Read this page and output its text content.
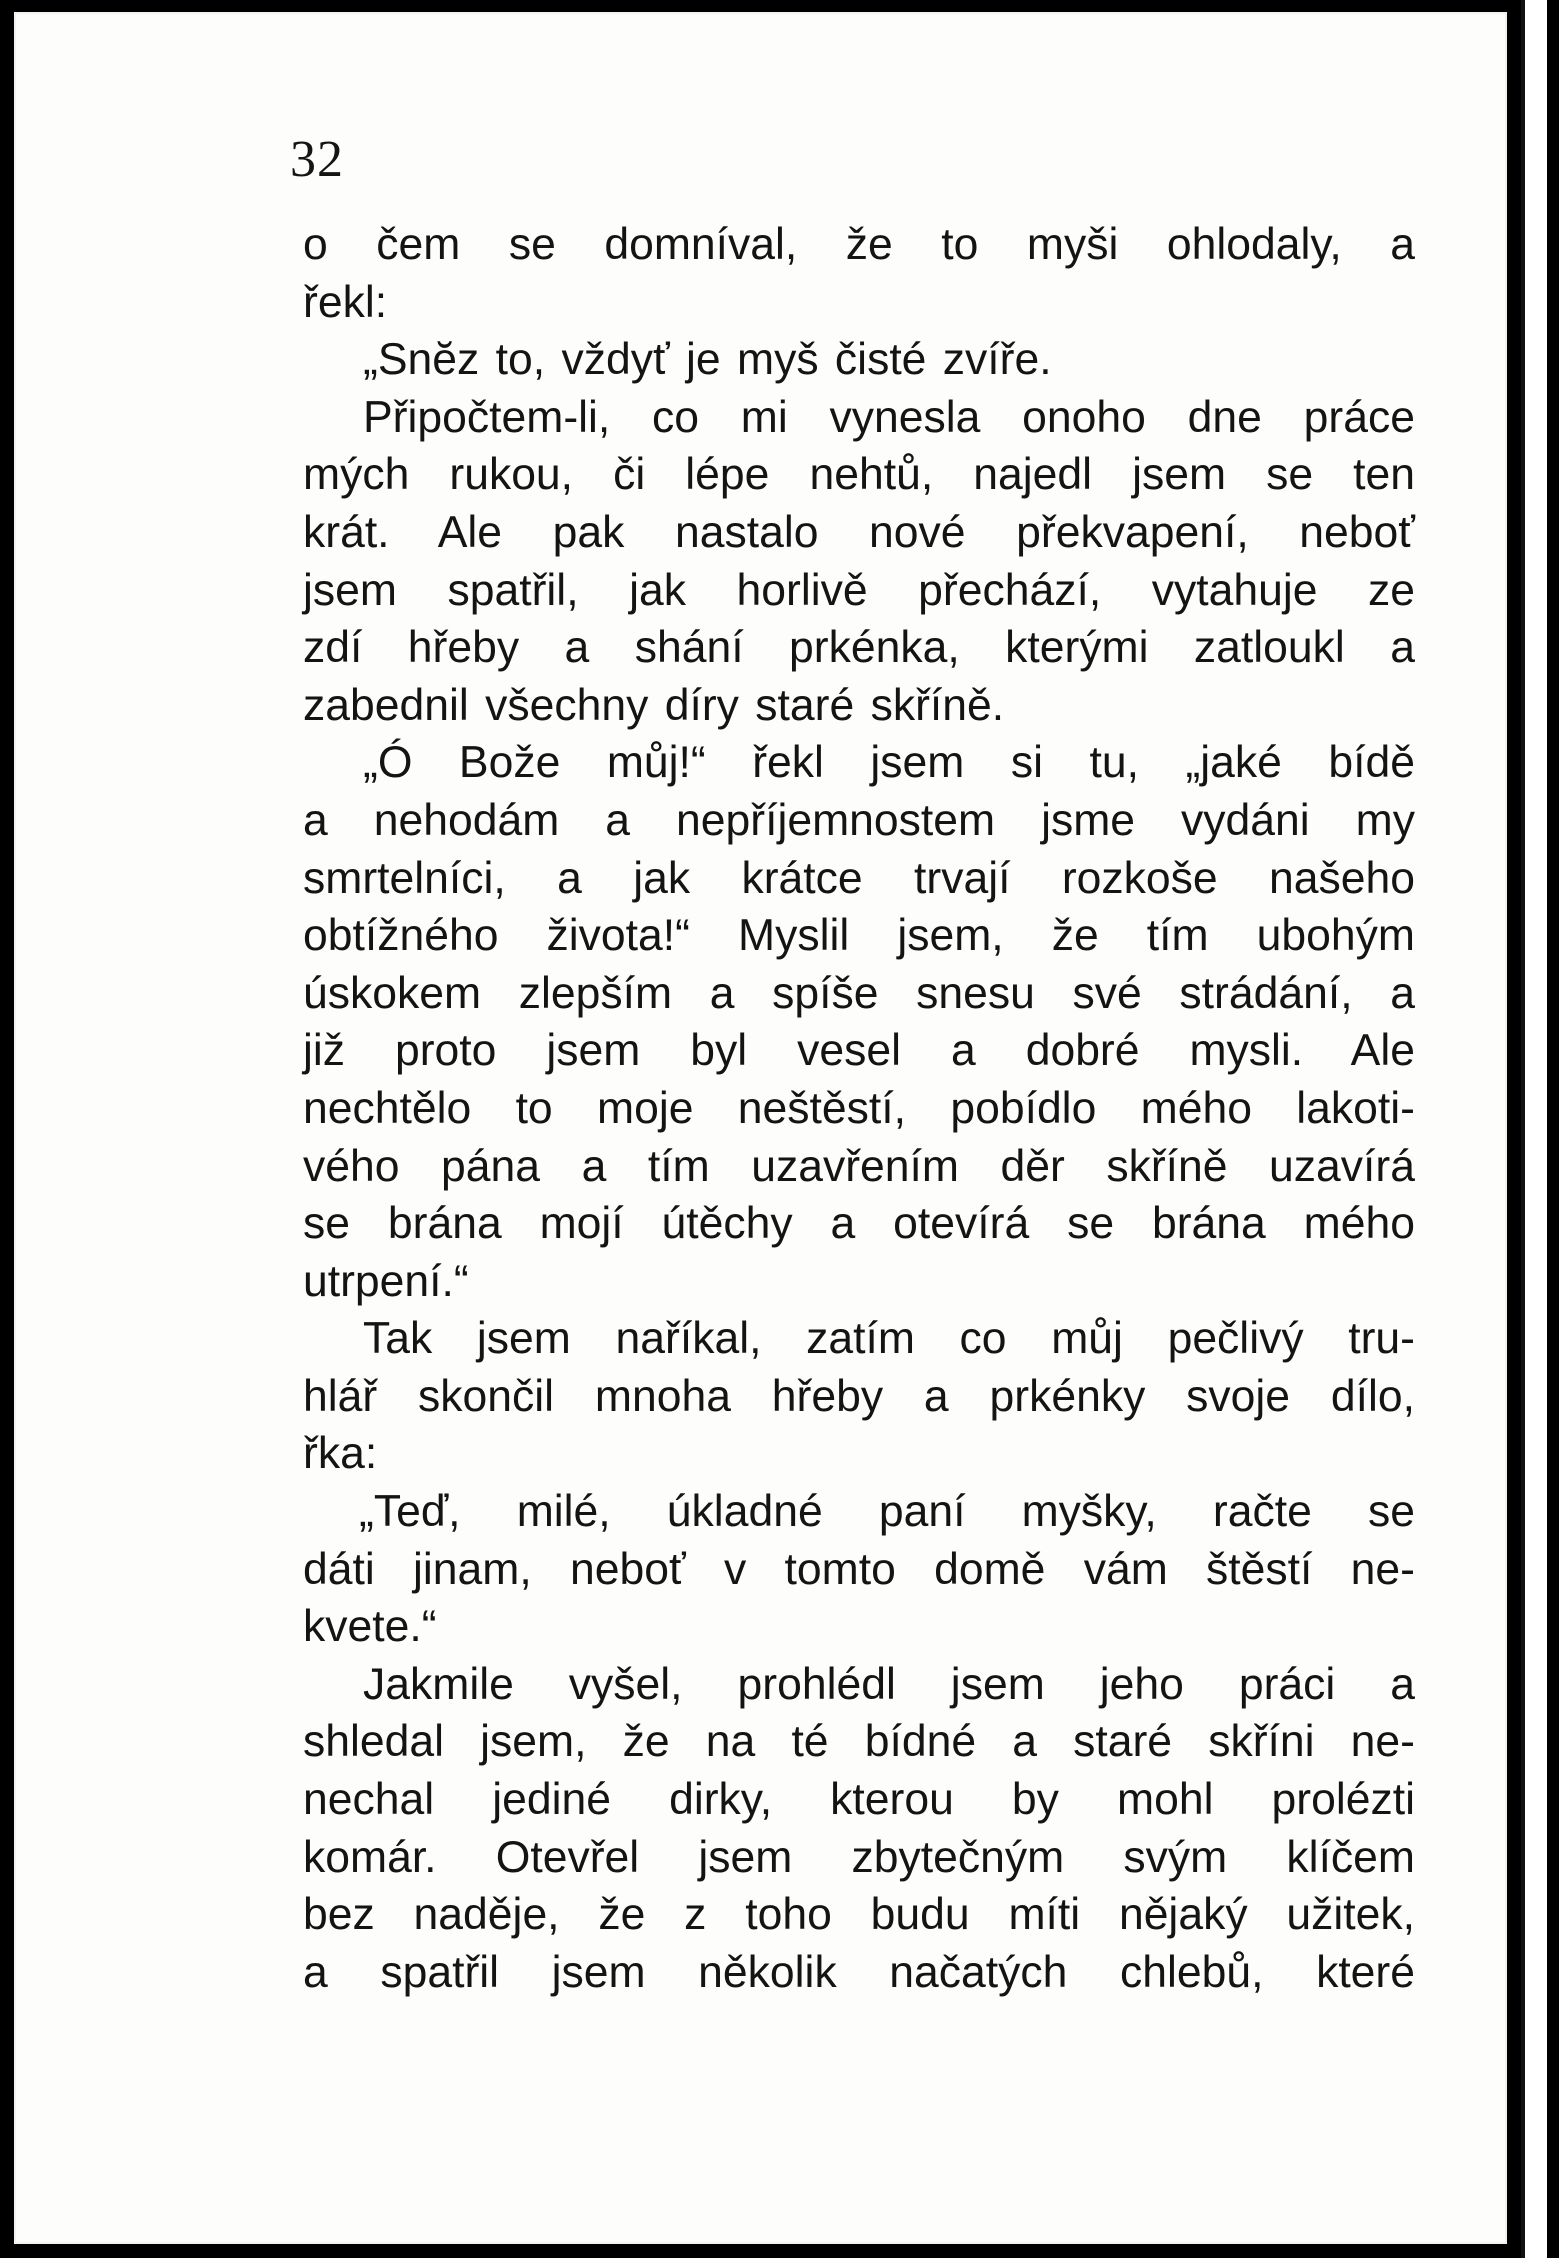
32
o čem se domníval, že to myši ohlodaly, a
řekl:
„Snĕz to, vždyť je myš čisté zvíře.
Připočtem-li, co mi vynesla onoho dne práce
mých rukou, či lépe nehtů, najedl jsem se ten
krát. Ale pak nastalo nové překvapení, neboť
jsem spatřil, jak horlivě přechází, vytahuje ze
zdí hřeby a shání prkénka, kterými zatloukl a
zabednil všechny díry staré skříně.
„Ó Bože můj!“ řekl jsem si tu, „jaké bídě
a nehodám a nepříjemnostem jsme vydáni my
smrtelníci, a jak krátce trvají rozkoše našeho
obtížného života!“ Myslil jsem, že tím ubohým
úskokem zlepším a spíše snesu své strádání, a
již proto jsem byl vesel a dobré mysli. Ale
nechtělo to moje neštěstí, pobídlo mého lakoti-
vého pána a tím uzavřením děr skříně uzavírá
se brána mojí útěchy a otevírá se brána mého
utrpení.“
Tak jsem naříkal, zatím co můj pečlivý tru-
hlář skončil mnoha hřeby a prkénky svoje dílo,
řka:
„Teď, milé, úkladné paní myšky, račte se
dáti jinam, neboť v tomto domě vám štěstí ne-
kvete.“
Jakmile vyšel, prohlédl jsem jeho práci a
shledal jsem, že na té bídné a staré skříni ne-
nechal jediné dirky, kterou by mohl prolézti
komár. Otevřel jsem zbytečným svým klíčem
bez naděje, že z toho budu míti nějaký užitek,
a spatřil jsem několik načatých chlebů, které
